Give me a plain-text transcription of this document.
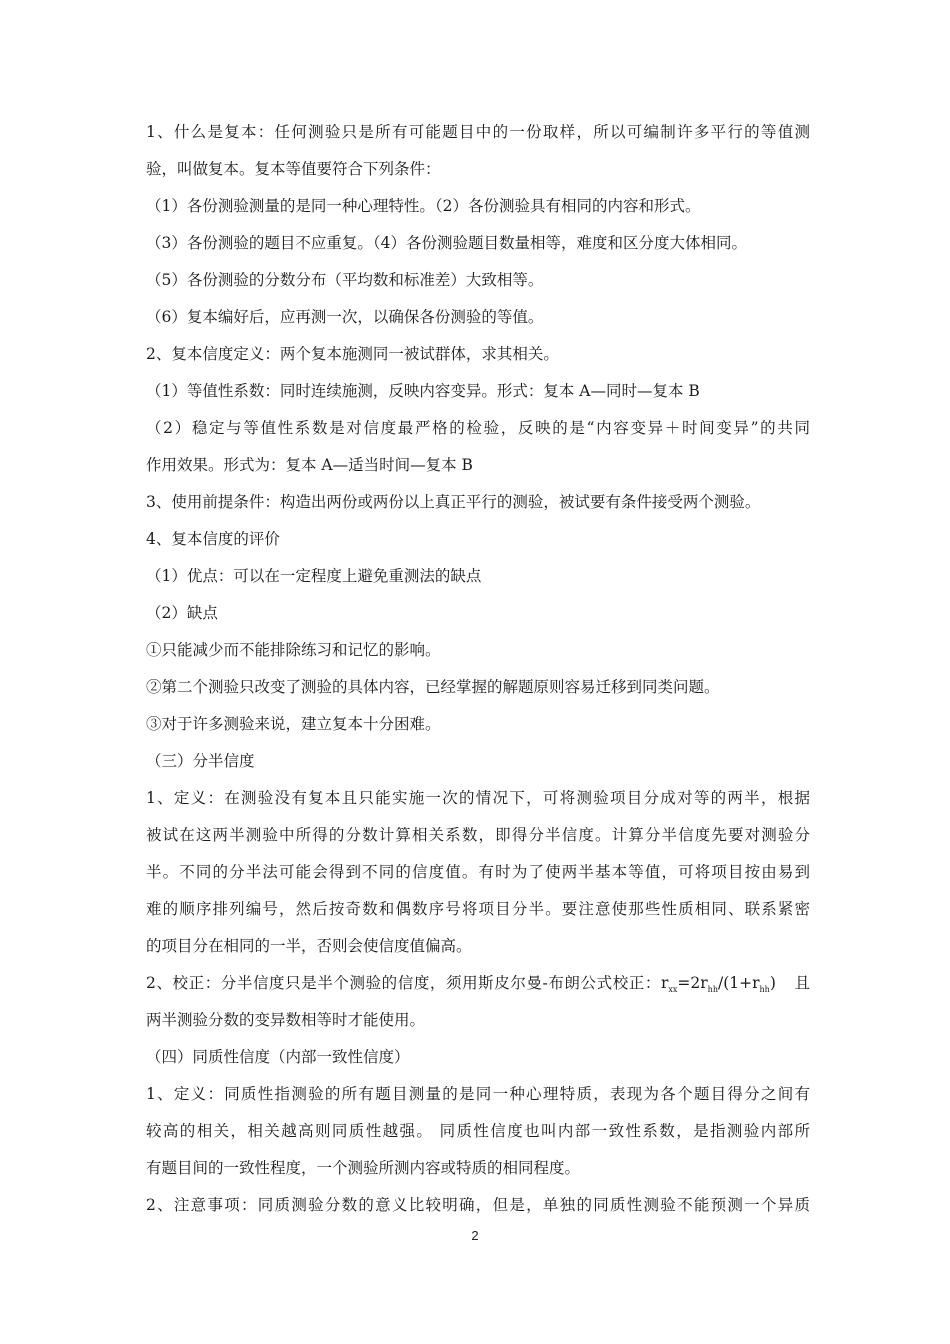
1、什么是复本：任何测验只是所有可能题目中的一份取样，所以可编制许多平行的等值测
验，叫做复本。复本等值要符合下列条件：
（1）各份测验测量的是同一种心理特性。（2）各份测验具有相同的内容和形式。
（3）各份测验的题目不应重复。（4）各份测验题目数量相等，难度和区分度大体相同。
（5）各份测验的分数分布（平均数和标准差）大致相等。
（6）复本编好后，应再测一次，以确保各份测验的等值。
2、复本信度定义：两个复本施测同一被试群体，求其相关。
（1）等值性系数：同时连续施测，反映内容变异。形式：复本 A—同时—复本 B
（2）稳定与等值性系数是对信度最严格的检验，反映的是“内容变异＋时间变异”的共同
作用效果。形式为：复本 A—适当时间—复本 B
3、使用前提条件：构造出两份或两份以上真正平行的测验，被试要有条件接受两个测验。
4、复本信度的评价
（1）优点：可以在一定程度上避免重测法的缺点
（2）缺点
①只能减少而不能排除练习和记忆的影响。
②第二个测验只改变了测验的具体内容，已经掌握的解题原则容易迁移到同类问题。
③对于许多测验来说，建立复本十分困难。
（三）分半信度
1、定义：在测验没有复本且只能实施一次的情况下，可将测验项目分成对等的两半，根据
被试在这两半测验中所得的分数计算相关系数，即得分半信度。计算分半信度先要对测验分
半。不同的分半法可能会得到不同的信度值。有时为了使两半基本等值，可将项目按由易到
难的顺序排列编号，然后按奇数和偶数序号将项目分半。要注意使那些性质相同、联系紧密
的项目分在相同的一半，否则会使信度值偏高。
2、校正：分半信度只是半个测验的信度，须用斯皮尔曼-布朗公式校正：$r_{xx}=2r_{hh}/(1+r_{hh})$ 且
两半测验分数的变异数相等时才能使用。
（四）同质性信度（内部一致性信度）
1、定义：同质性指测验的所有题目测量的是同一种心理特质，表现为各个题目得分之间有
较高的相关，相关越高则同质性越强。 同质性信度也叫内部一致性系数，是指测验内部所
有题目间的一致性程度，一个测验所测内容或特质的相同程度。
2、注意事项：同质测验分数的意义比较明确，但是，单独的同质性测验不能预测一个异质
2
